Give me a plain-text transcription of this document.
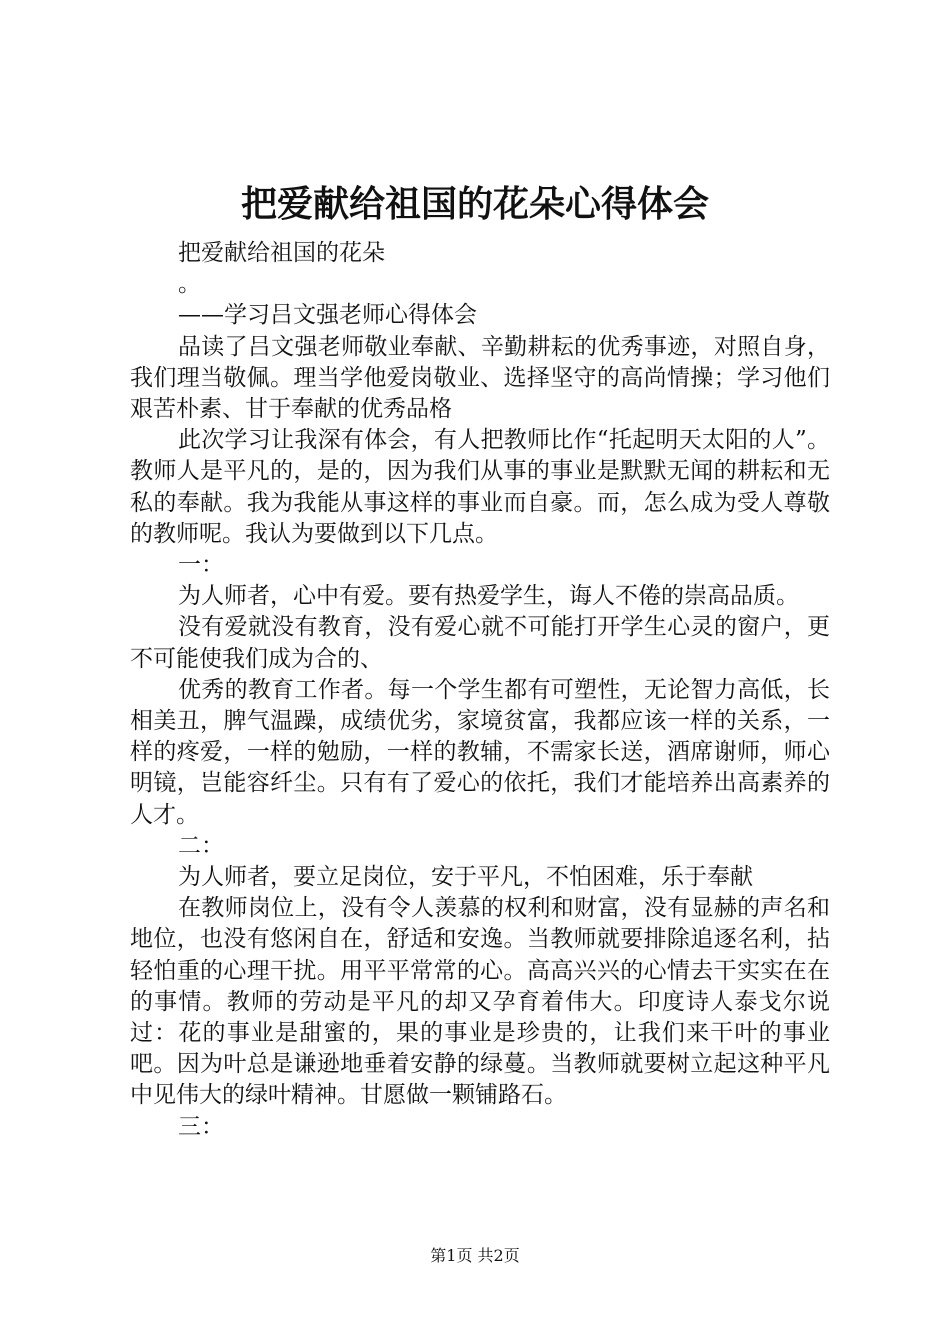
把爱献给祖国的花朵心得体会

把爱献给祖国的花朵

。

——学习吕文强老师心得体会

品读了吕文强老师敬业奉献、辛勤耕耘的优秀事迹，对照自身，我们理当敬佩。理当学他爱岗敬业、选择坚守的高尚情操；学习他们艰苦朴素、甘于奉献的优秀品格

此次学习让我深有体会，有人把教师比作“托起明天太阳的人”。教师人是平凡的，是的，因为我们从事的事业是默默无闻的耕耘和无私的奉献。我为我能从事这样的事业而自豪。而，怎么成为受人尊敬的教师呢。我认为要做到以下几点。

一：

为人师者，心中有爱。要有热爱学生，诲人不倦的崇高品质。

没有爱就没有教育，没有爱心就不可能打开学生心灵的窗户，更不可能使我们成为合的、

优秀的教育工作者。每一个学生都有可塑性，无论智力高低，长相美丑，脾气温躁，成绩优劣，家境贫富，我都应该一样的关系，一样的疼爱，一样的勉励，一样的教辅，不需家长送，酒席谢师，师心明镜，岂能容纤尘。只有有了爱心的依托，我们才能培养出高素养的人才。

二：

为人师者，要立足岗位，安于平凡，不怕困难，乐于奉献

在教师岗位上，没有令人羡慕的权利和财富，没有显赫的声名和地位，也没有悠闲自在，舒适和安逸。当教师就要排除追逐名利，拈轻怕重的心理干扰。用平平常常的心。高高兴兴的心情去干实实在在的事情。教师的劳动是平凡的却又孕育着伟大。印度诗人泰戈尔说过：花的事业是甜蜜的，果的事业是珍贵的，让我们来干叶的事业吧。因为叶总是谦逊地垂着安静的绿蔓。当教师就要树立起这种平凡中见伟大的绿叶精神。甘愿做一颗铺路石。

三：

第1页 共2页
